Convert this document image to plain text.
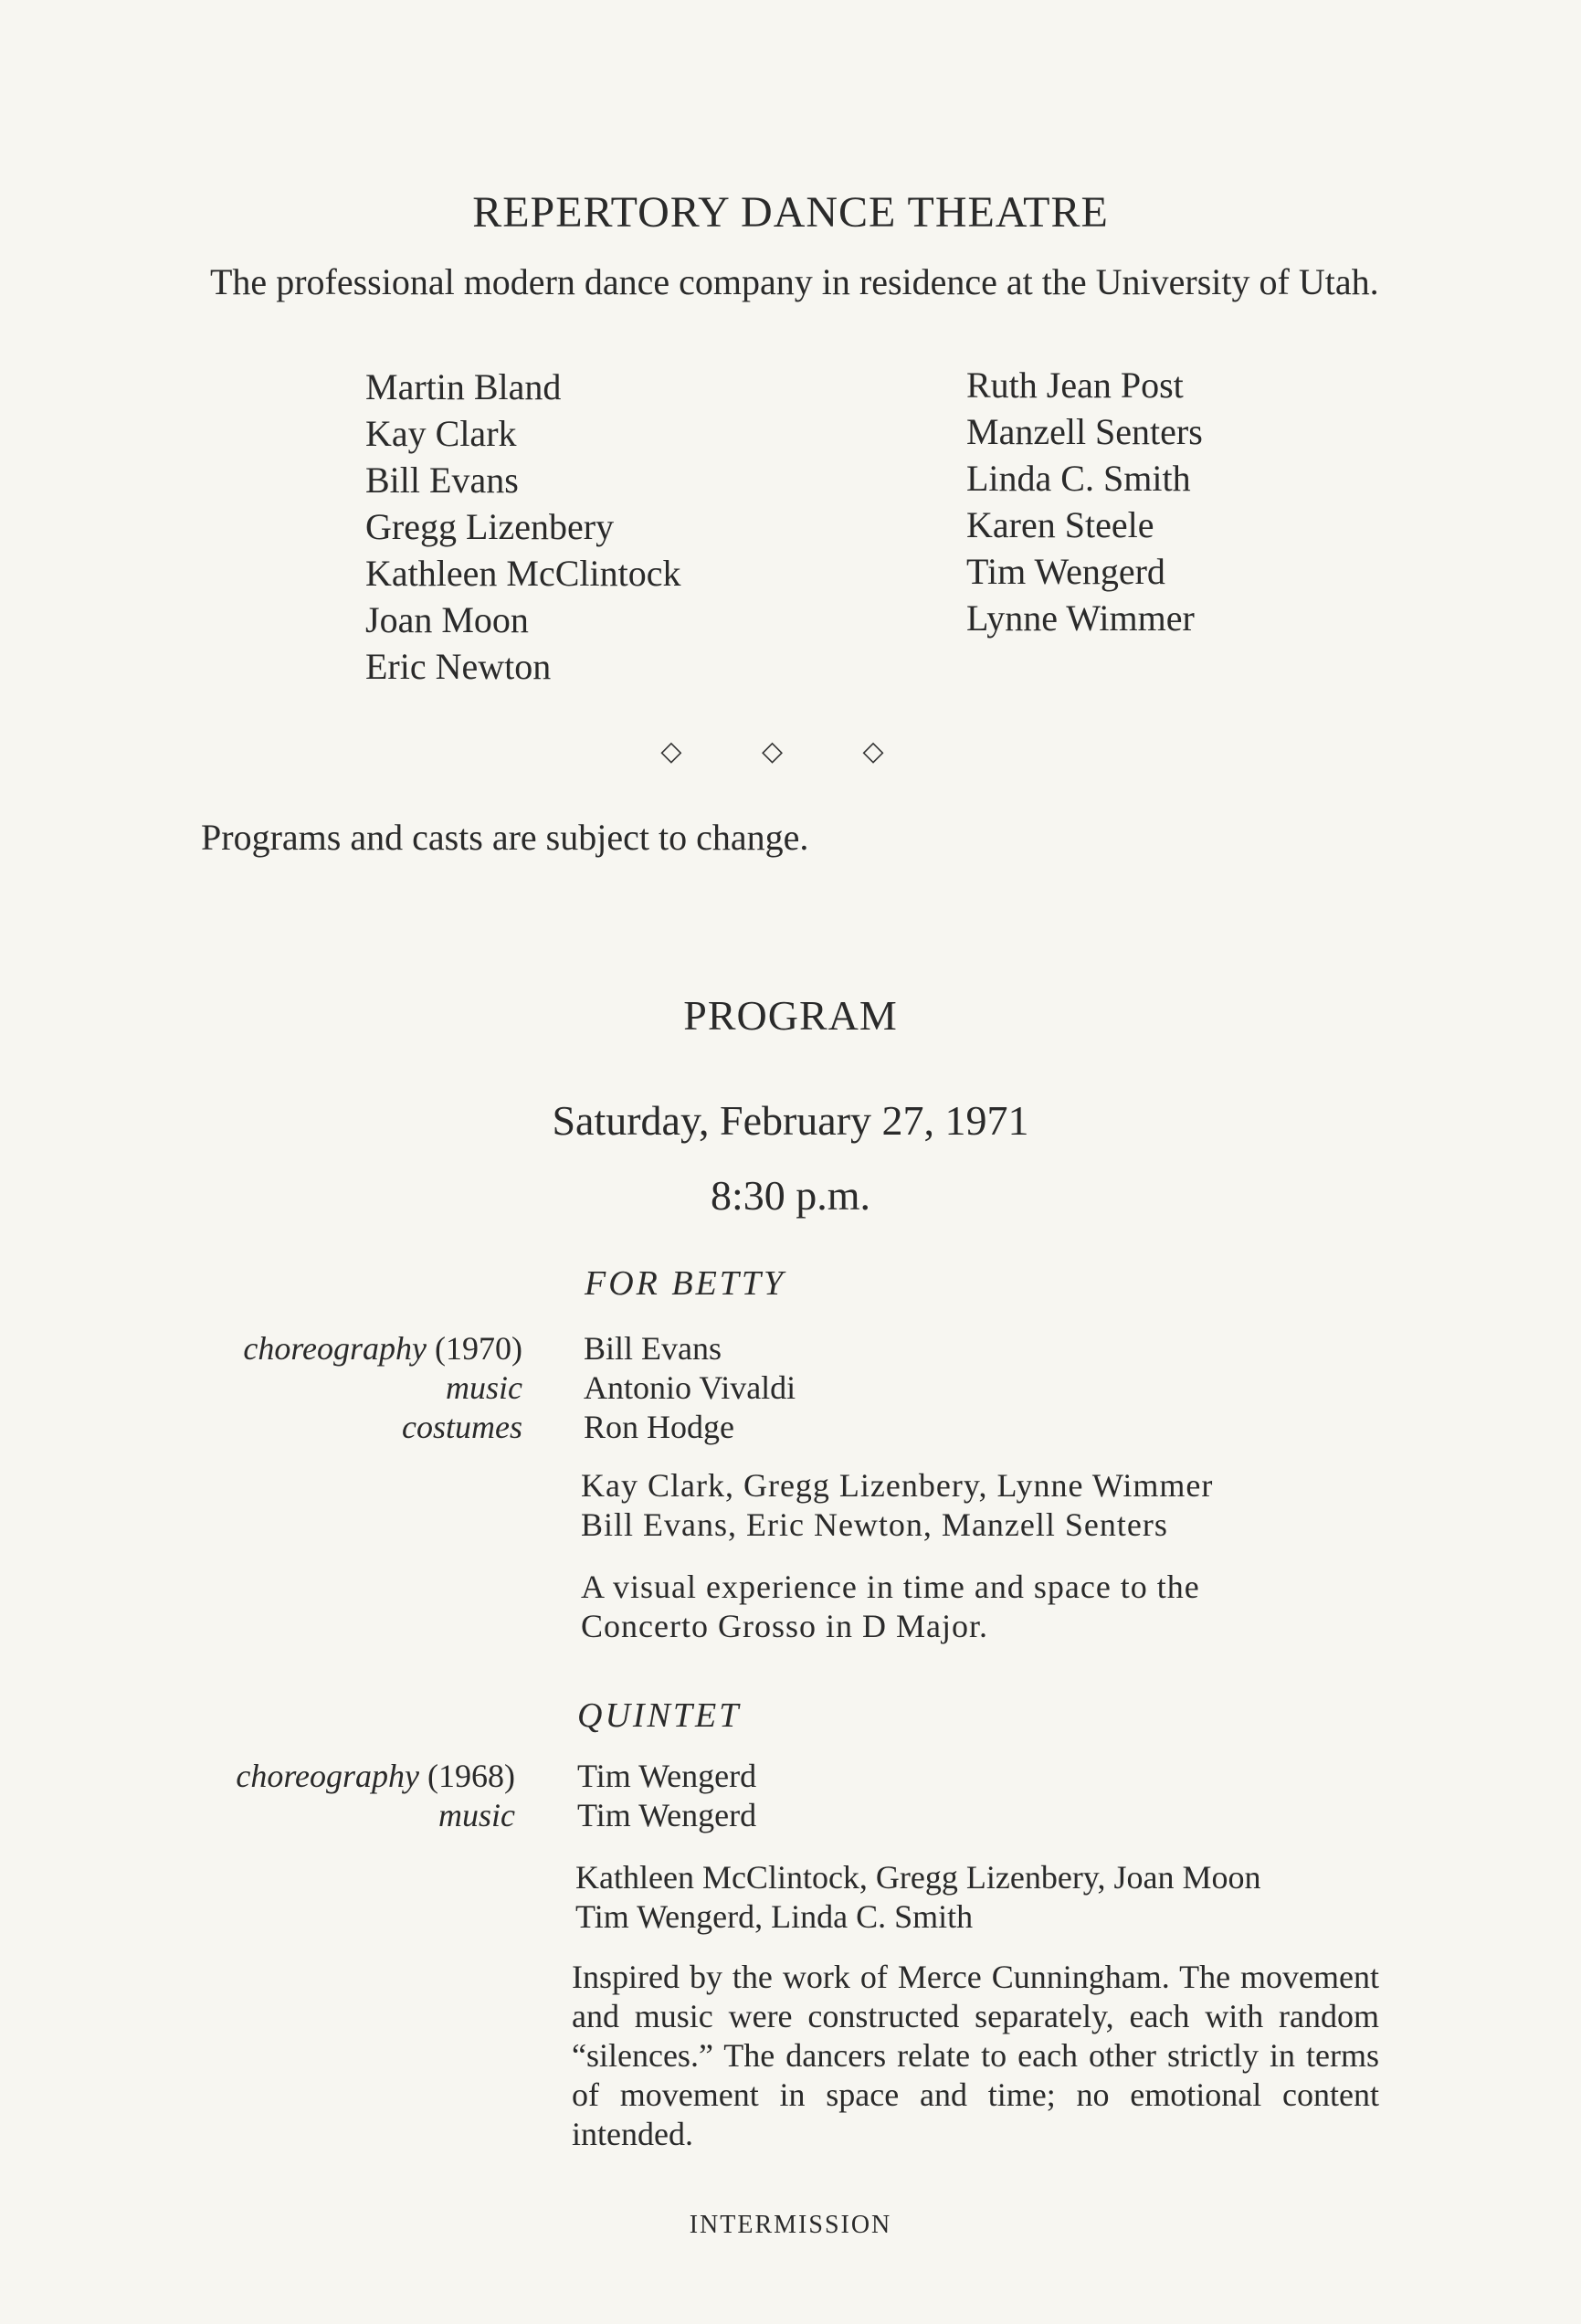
REPERTORY DANCE THEATRE
The professional modern dance company in residence at the University of Utah.
Martin Bland
Kay Clark
Bill Evans
Gregg Lizenbery
Kathleen McClintock
Joan Moon
Eric Newton
Ruth Jean Post
Manzell Senters
Linda C. Smith
Karen Steele
Tim Wengerd
Lynne Wimmer
◇ ◇ ◇
Programs and casts are subject to change.
PROGRAM
Saturday, February 27, 1971
8:30 p.m.
FOR BETTY
choreography (1970)
music
costumes
Bill Evans
Antonio Vivaldi
Ron Hodge
Kay Clark, Gregg Lizenbery, Lynne Wimmer
Bill Evans, Eric Newton, Manzell Senters
A visual experience in time and space to the Concerto Grosso in D Major.
QUINTET
choreography (1968)
music
Tim Wengerd
Tim Wengerd
Kathleen McClintock, Gregg Lizenbery, Joan Moon
Tim Wengerd, Linda C. Smith
Inspired by the work of Merce Cunningham. The movement and music were constructed separately, each with random “silences.” The dancers relate to each other strictly in terms of movement in space and time; no emotional content intended.
INTERMISSION
